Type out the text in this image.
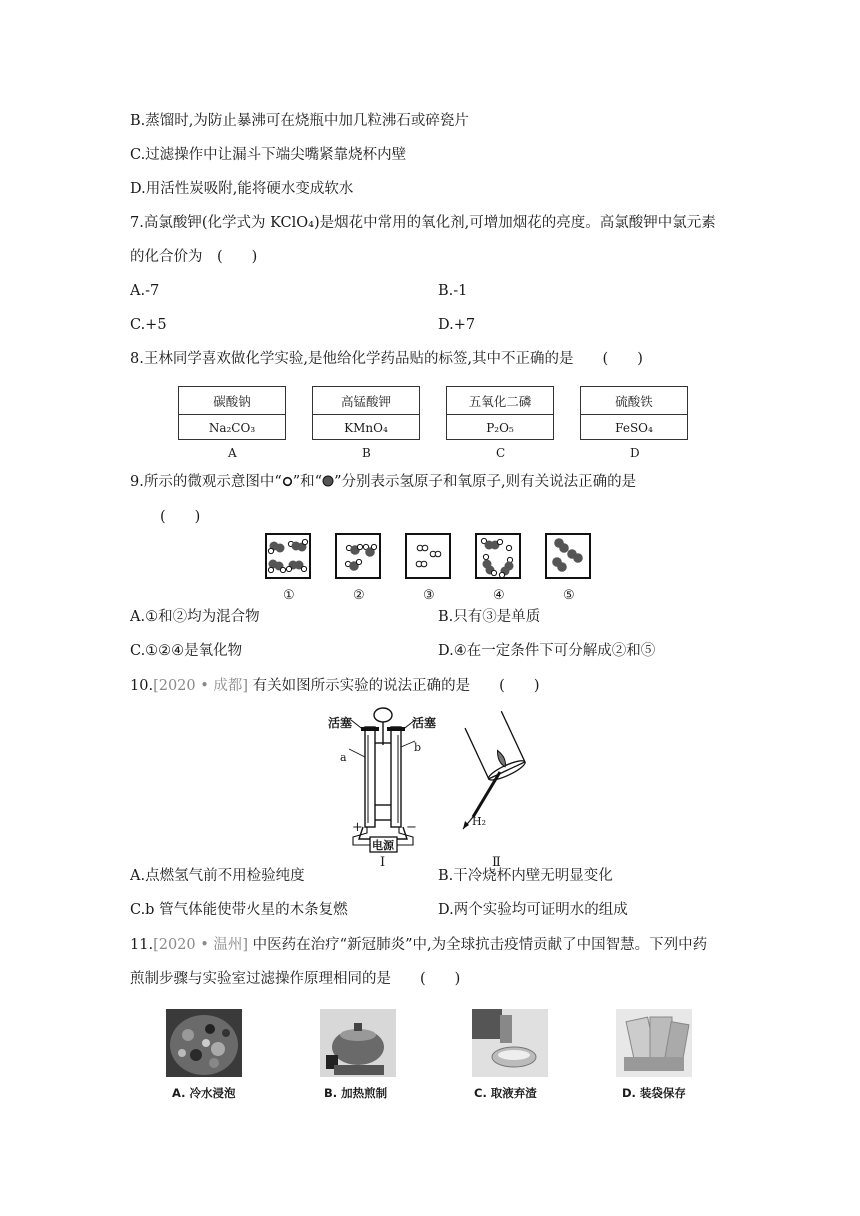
B.蒸馏时,为防止暴沸可在烧瓶中加几粒沸石或碎瓷片
C.过滤操作中让漏斗下端尖嘴紧靠烧杯内壁
D.用活性炭吸附,能将硬水变成软水
7.高氯酸钾(化学式为 KClO₄)是烟花中常用的氧化剂,可增加烟花的亮度。高氯酸钾中氯元素
的化合价为　(　　)
A.-7	B.-1
C.+5	D.+7
8.王林同学喜欢做化学实验,是他给化学药品贴的标签,其中不正确的是　　(　　)
碳酸钠
Na₂CO₃
高锰酸钾
KMnO₄
五氧化二磷
P₂O₅
硫酸铁
FeSO₄
A	B	C	D
9.所示的微观示意图中“ ”和“ ”分别表示氢原子和氧原子,则有关说法正确的是
(　　)
①	②	③	④	⑤
A.①和②均为混合物	B.只有③是单质
C.①②④是氧化物	D.④在一定条件下可分解成②和⑤
10.[2020 • 成都] 有关如图所示实验的说法正确的是　　(　　)
活塞	活塞
a
b
+	−
电源
Ⅰ	Ⅱ
H₂
A.点燃氢气前不用检验纯度	B.干冷烧杯内壁无明显变化
C.b 管气体能使带火星的木条复燃	D.两个实验均可证明水的组成
11.[2020 • 温州] 中医药在治疗“新冠肺炎”中,为全球抗击疫情贡献了中国智慧。下列中药
煎制步骤与实验室过滤操作原理相同的是　　(　　)
A. 冷水浸泡	B. 加热煎制	C. 取液弃渣	D. 装袋保存
